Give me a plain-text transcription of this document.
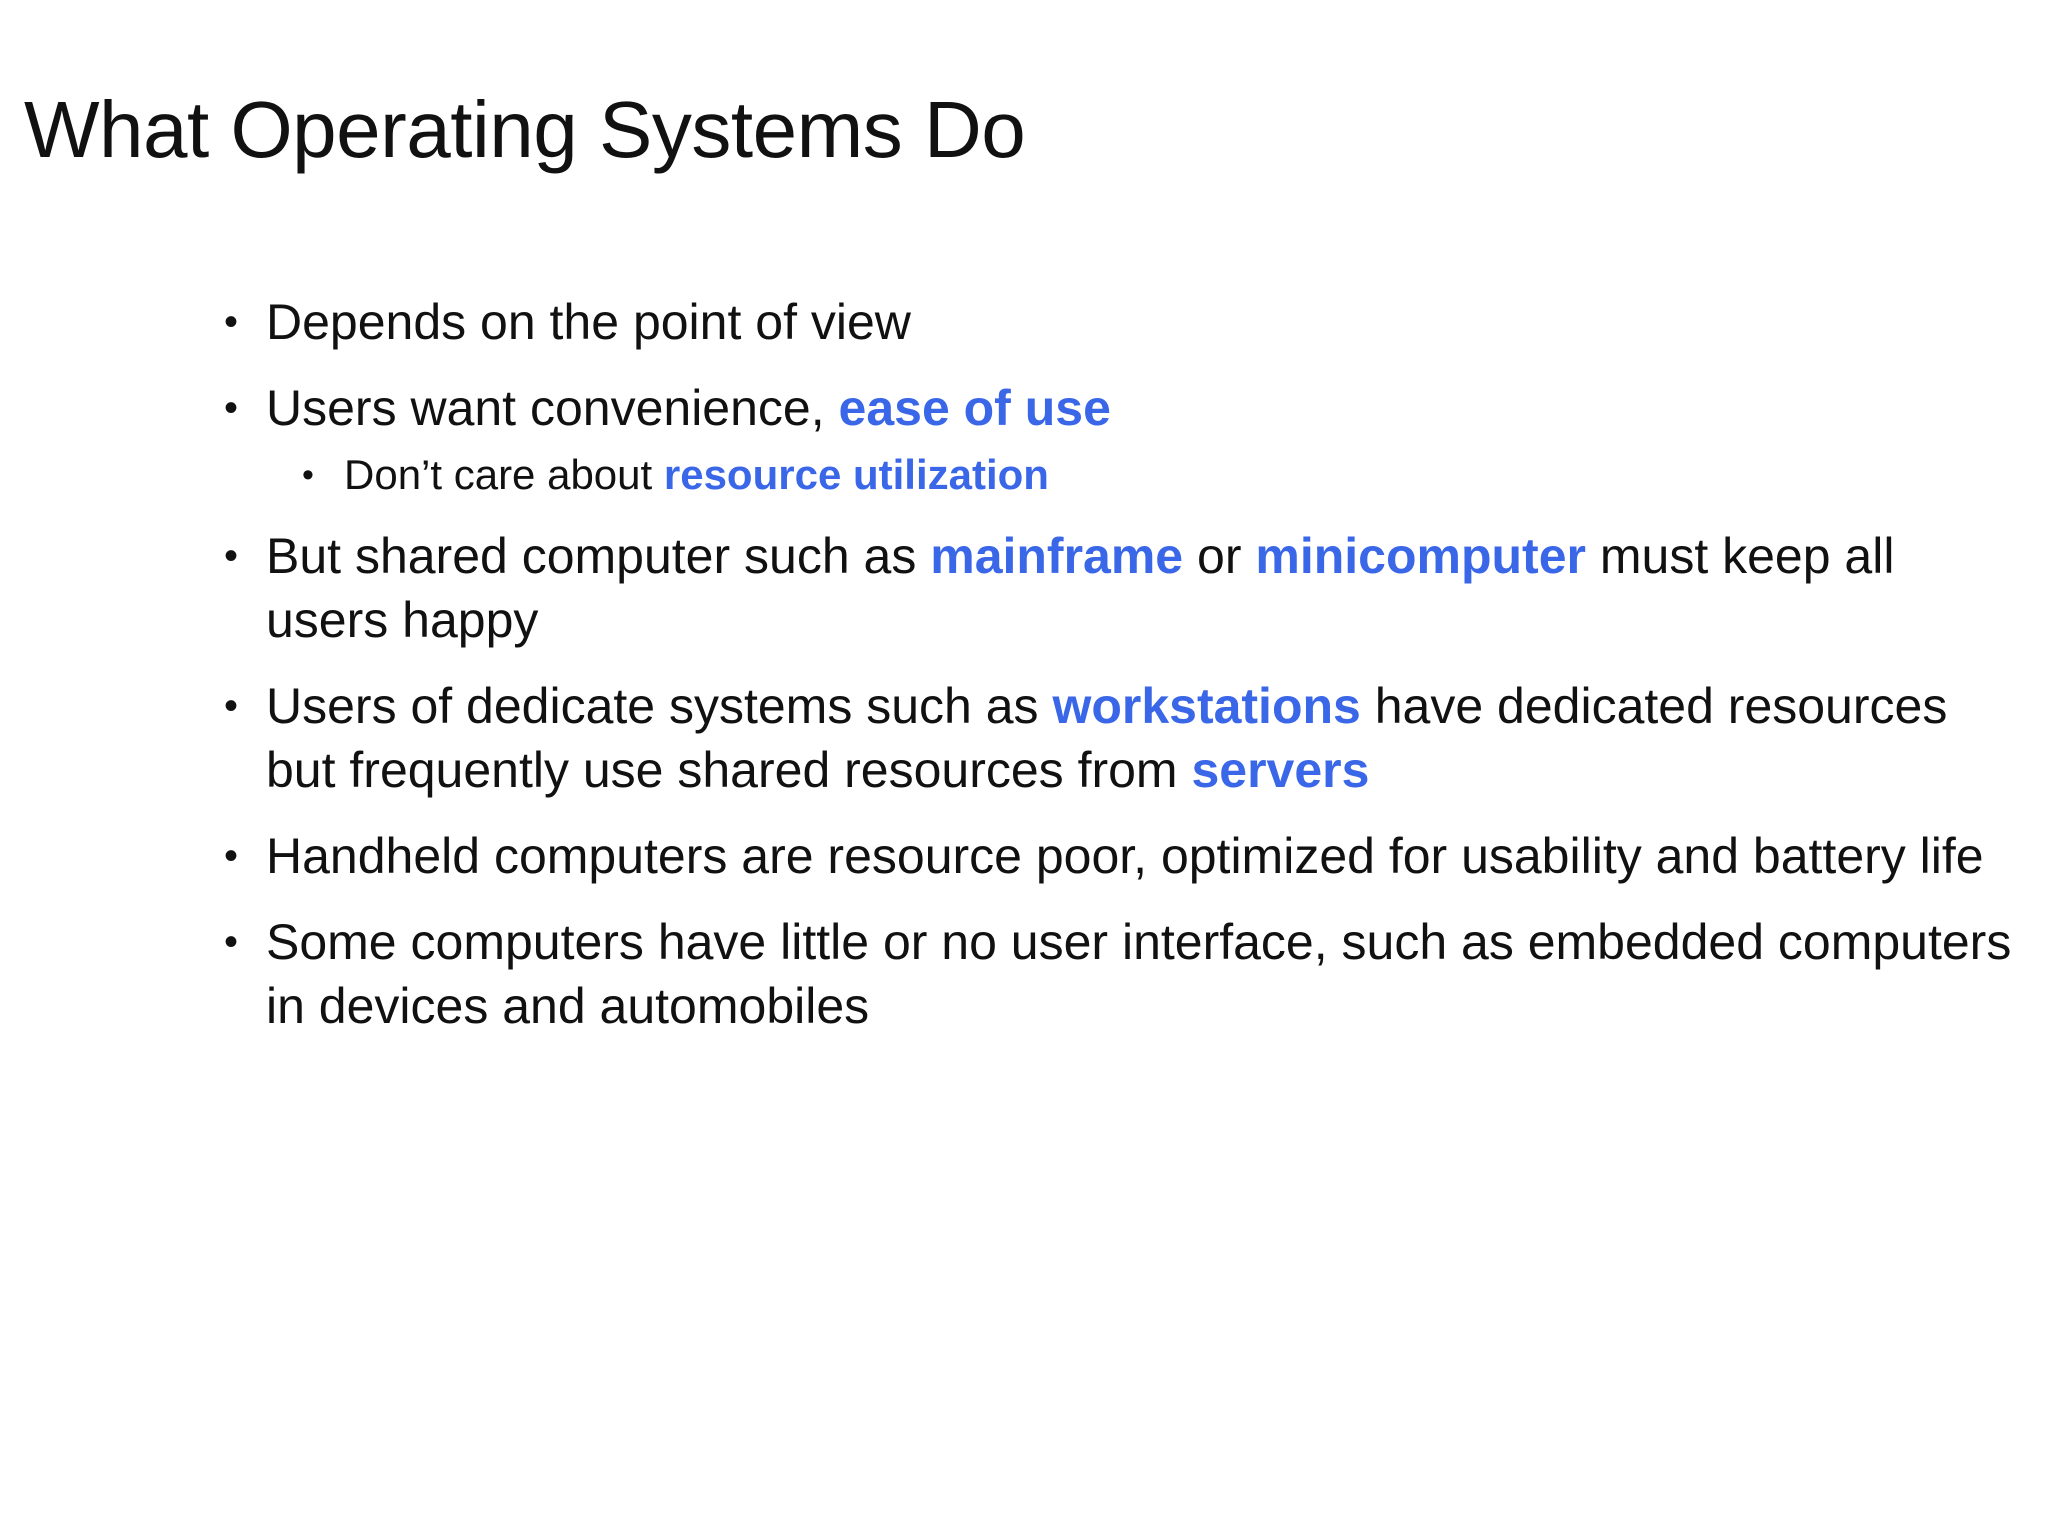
What Operating Systems Do
• Depends on the point of view
• Users want convenience, ease of use
• Don’t care about resource utilization
• But shared computer such as mainframe or minicomputer must keep all users happy
• Users of dedicate systems such as workstations have dedicated resources but frequently use shared resources from servers
• Handheld computers are resource poor, optimized for usability and battery life
• Some computers have little or no user interface, such as embedded computers in devices and automobiles
